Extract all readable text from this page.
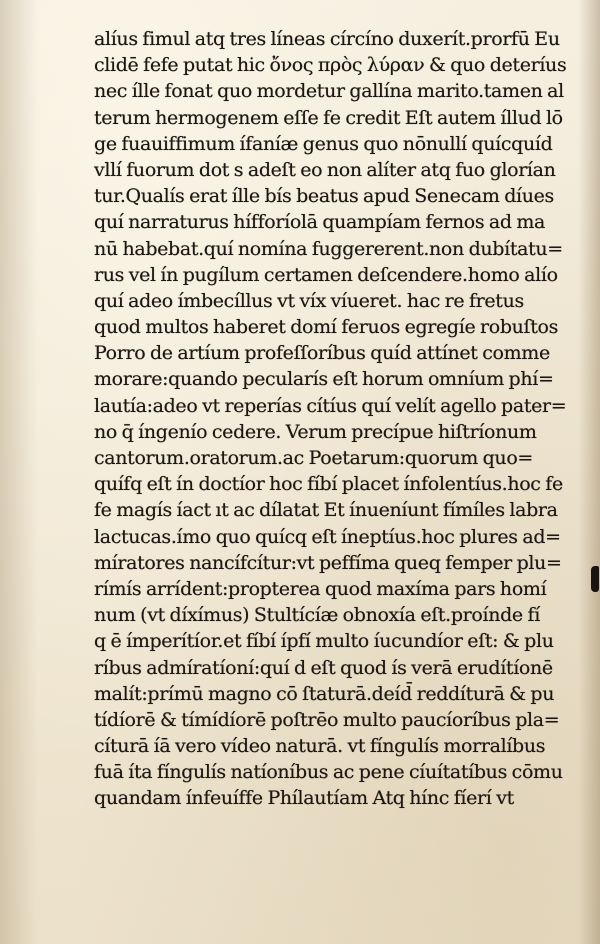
alíus fimul atq tres líneas círcíno duxerít.prorfū Eu
clidē fefe putat hic ὄνος πρὸς λύραν & quo deteríus
nec ílle fonat quo mordetur gallína marito.tamen al
terum hermogenem eſſe fe credit Eſt autem íllud lō
ge fuauiffimum ífaníæ genus quo nōnullí quícquíd
vllí fuorum dot s adeſt eo non alíter atq fuo glorían
tur.Qualís erat ílle bís beatus apud Senecam díues
quí narraturus hífforíolā quampíam fernos ad ma
nū habebat.quí nomína fuggererent.non dubítatu=
rus vel ín pugílum certamen deſcendere.homo alío
quí adeo ímbecíllus vt víx víueret. hac re fretus
quod multos haberet domí feruos egregíe robuſtos
Porro de artíum profeſſoríbus quíd attínet comme
morare:quando pecularís eſt horum omníum phí=
lautía:adeo vt reperías cítíus quí velít agello pater=
no q̄ íngenío cedere. Verum precípue hiſtríonum
cantorum.oratorum.ac Poetarum:quorum quo=
quífq eſt ín doctíor hoc fíbí placet ínfolentíus.hoc fe
fe magís íact ıt ac dílatat Et ínueníunt fímíles labra
lactucas.ímo quo quícq eſt íneptíus.hoc plures ad=
míratores nancífcítur:vt peffíma queq femper plu=
rímís arrídent:propterea quod maxíma pars homí
num (vt díxímus) Stultícíæ obnoxía eſt.proínde fí
q ē ímperítíor.et fíbí ípfí multo íucundíor eſt: & plu
ríbus admíratíoní:quí d eſt quod ís verā erudítíonē
malít:prímū magno cō ſtaturā.deíd̄ reddíturā & pu
tídíorē & tímídíorē poſtrēo multo paucíoríbus pla=
cíturā íā vero vídeo naturā. vt fíngulís morralíbus
fuā íta fíngulís natíoníbus ac pene cíuítatíbus cōmu
quandam ínfeuíffe Phílautíam Atq hínc fíerí vt
